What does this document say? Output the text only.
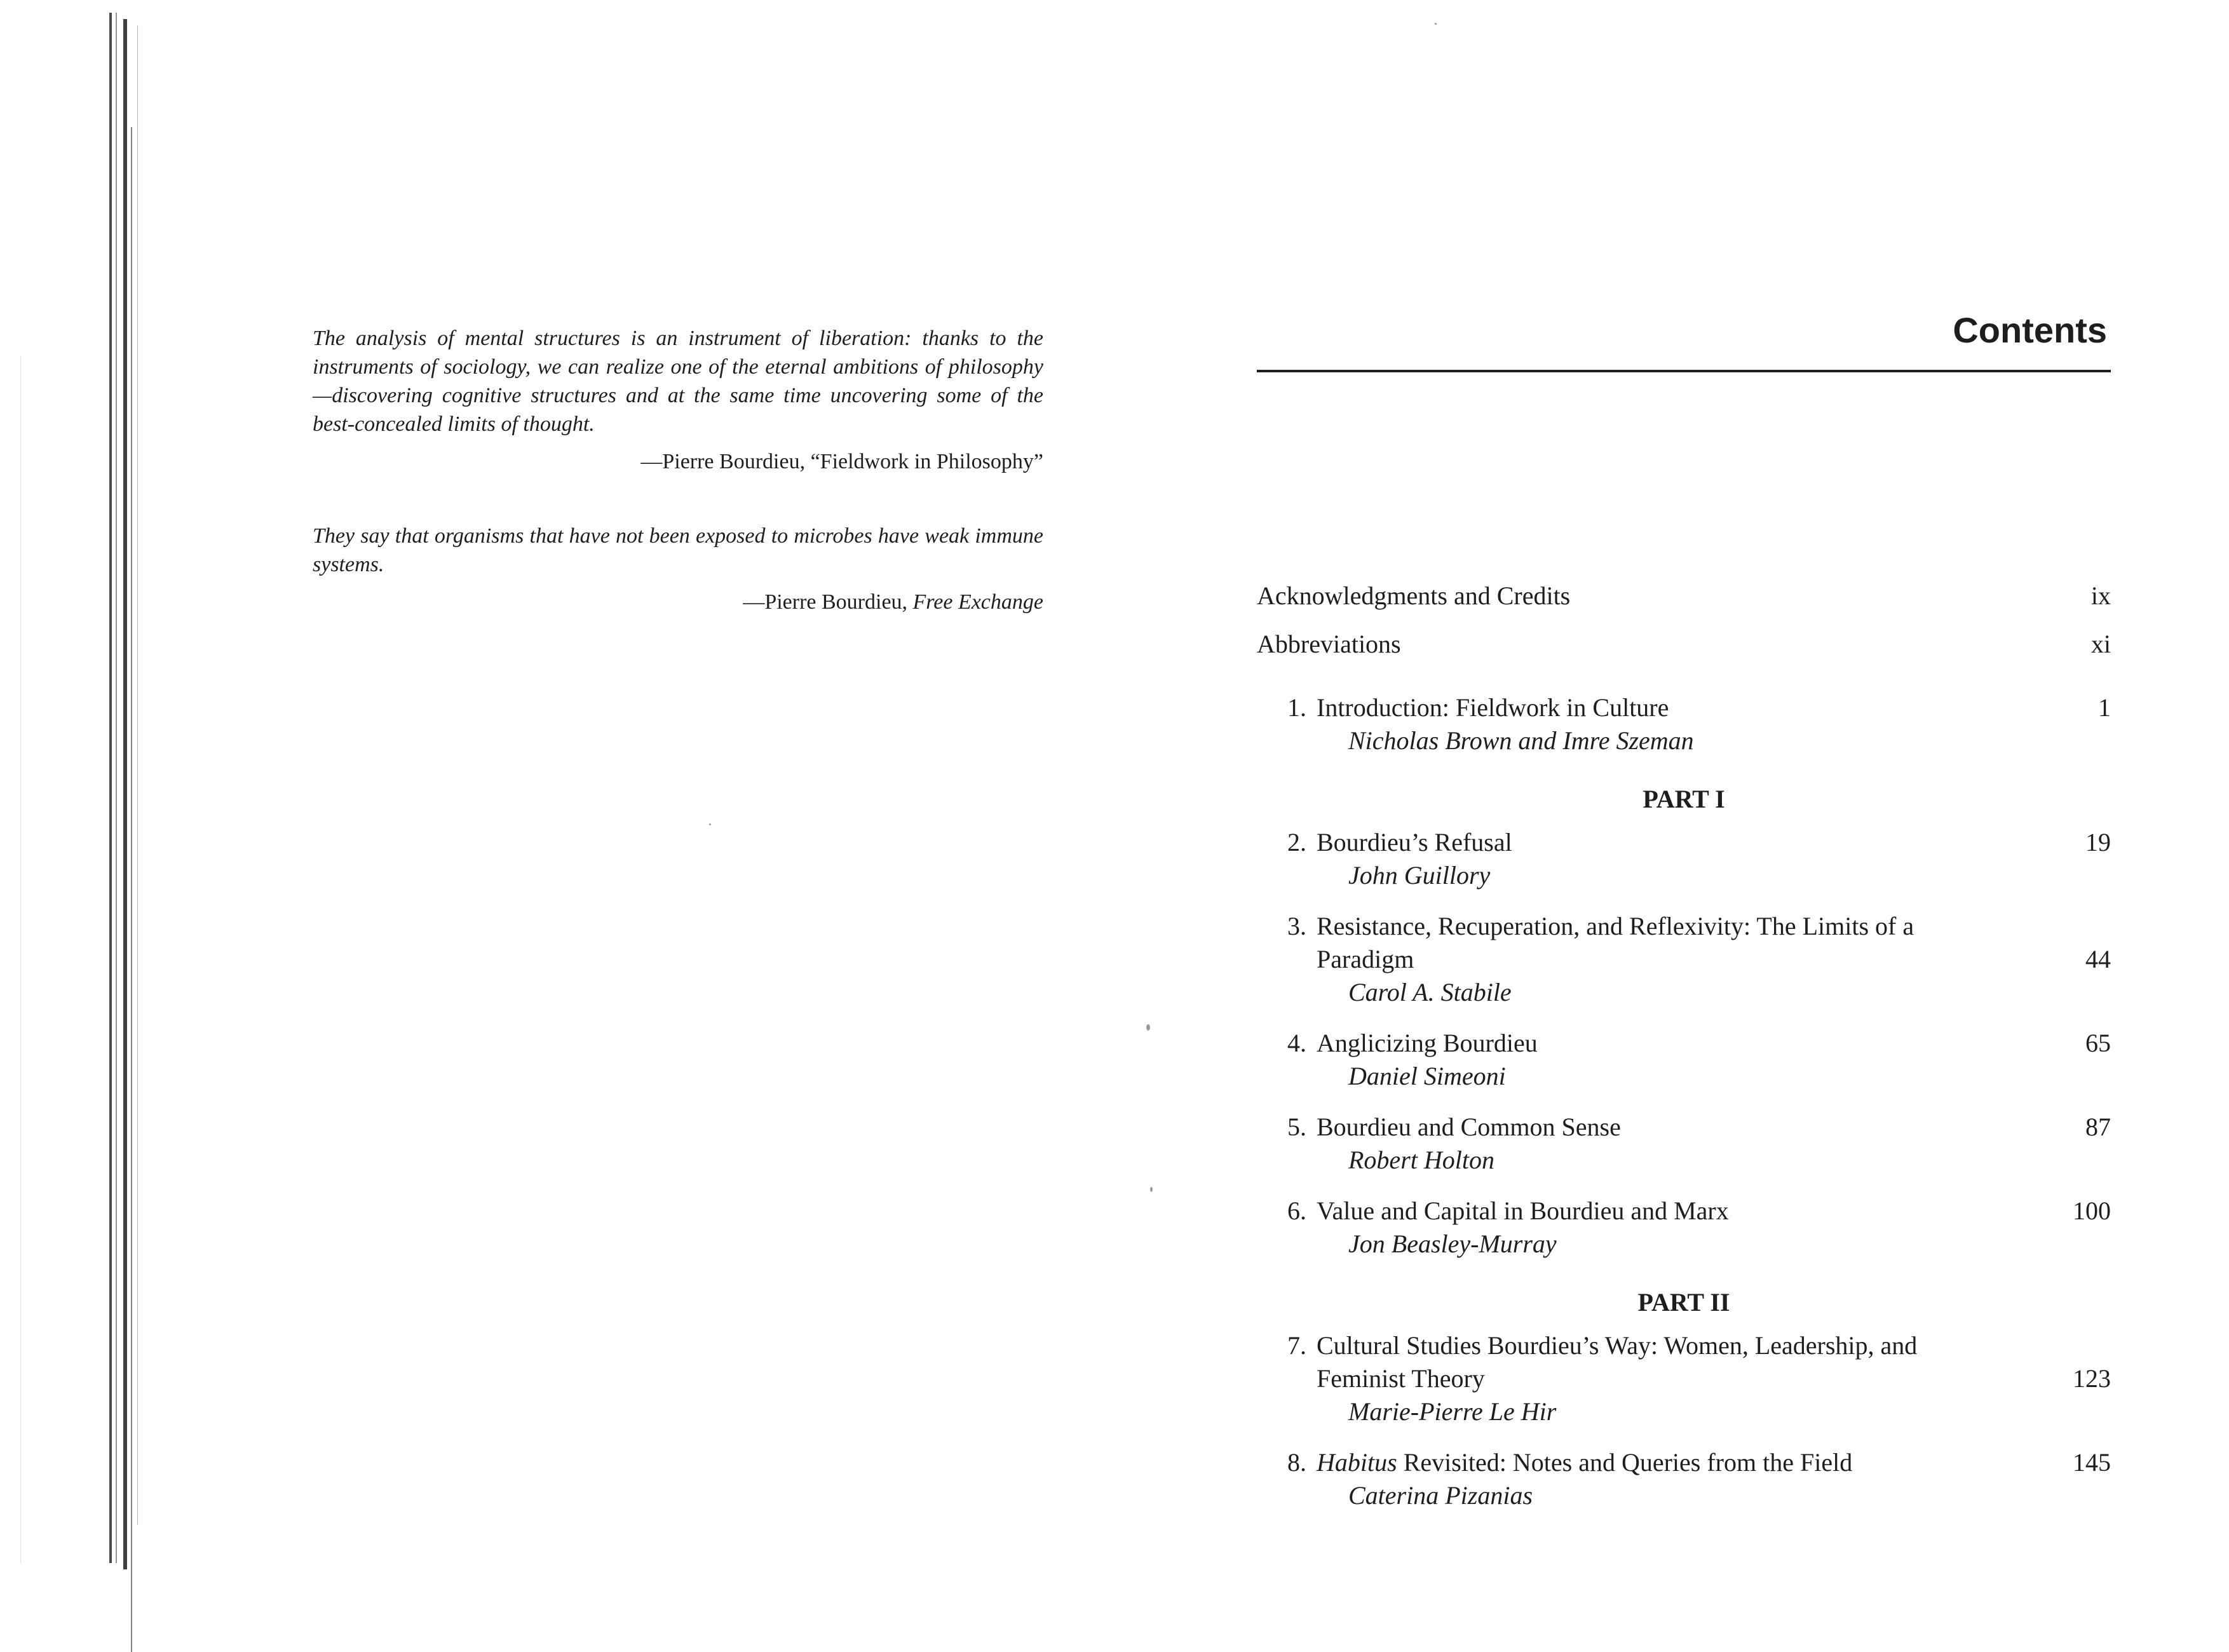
The analysis of mental structures is an instrument of liberation: thanks to the instruments of sociology, we can realize one of the eternal ambitions of philosophy—discovering cognitive structures and at the same time uncovering some of the best-concealed limits of thought.

—Pierre Bourdieu, “Fieldwork in Philosophy”

They say that organisms that have not been exposed to microbes have weak immune systems.

—Pierre Bourdieu, Free Exchange

Contents
Acknowledgments and Credits	ix
Abbreviations	xi
1. Introduction: Fieldwork in Culture

Nicholas Brown and Imre Szeman

1
PART I
2. Bourdieu’s Refusal

John Guillory

19
3. Resistance, Recuperation, and Reflexivity: The Limits of a

Paradigm

Carol A. Stabile

44
4. Anglicizing Bourdieu

Daniel Simeoni

65
5. Bourdieu and Common Sense

Robert Holton

87
6. Value and Capital in Bourdieu and Marx

Jon Beasley-Murray

100
PART II
7. Cultural Studies Bourdieu’s Way: Women, Leadership, and

Feminist Theory

Marie-Pierre Le Hir

123
8. Habitus Revisited: Notes and Queries from the Field

Caterina Pizanias

145
